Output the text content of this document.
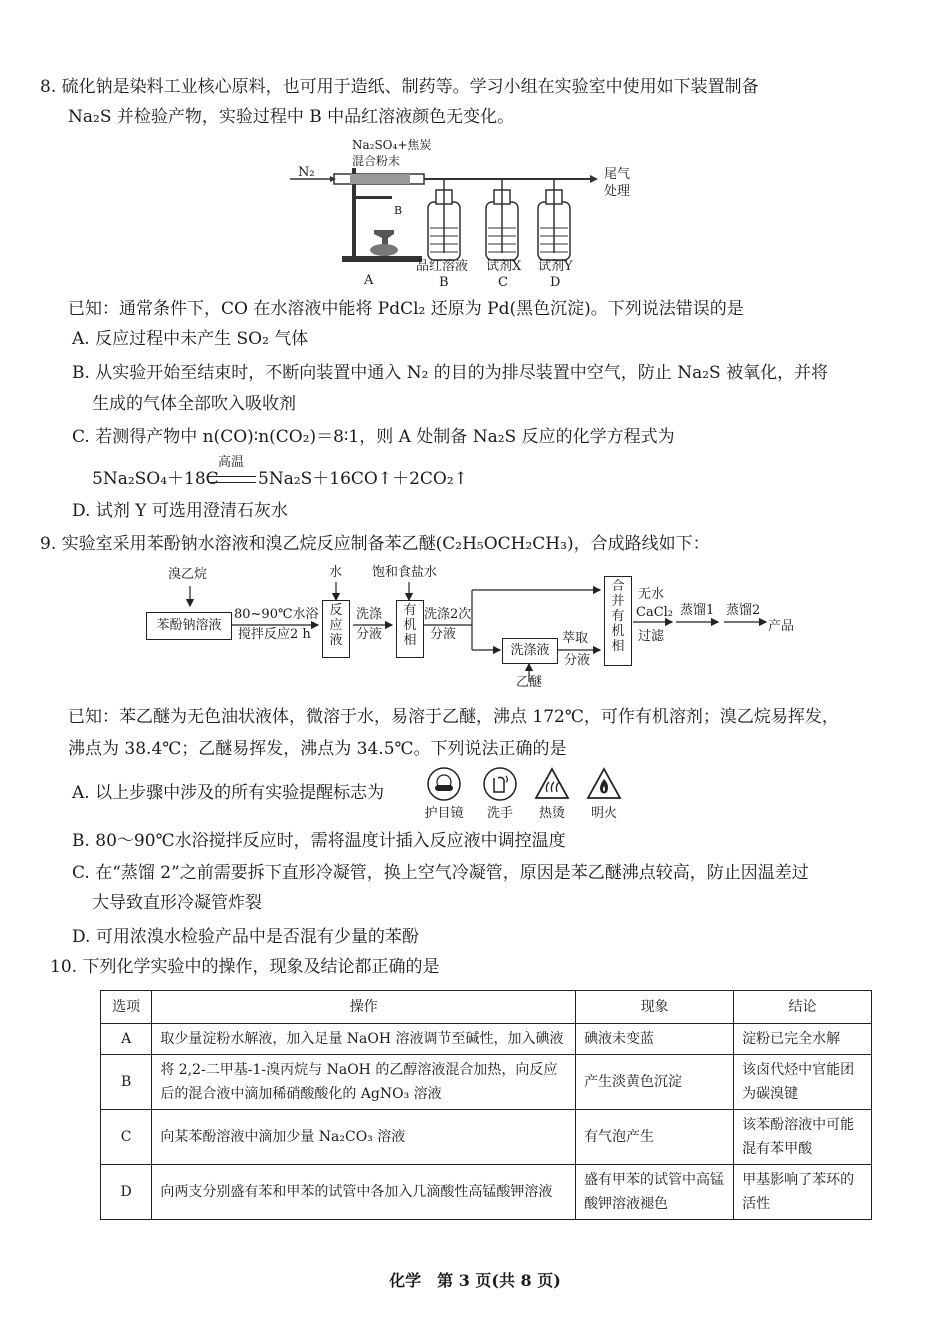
8. 硫化钠是染料工业核心原料，也可用于造纸、制药等。学习小组在实验室中使用如下装置制备
Na₂S 并检验产物，实验过程中 B 中品红溶液颜色无变化。
N₂
Na₂SO₄+焦炭
混合粉末
尾气
处理
B
A
品红溶液
B
试剂X
C
试剂Y
D
已知：通常条件下，CO 在水溶液中能将 PdCl₂ 还原为 Pd(黑色沉淀)。下列说法错误的是
A. 反应过程中未产生 SO₂ 气体
B. 从实验开始至结束时，不断向装置中通入 N₂ 的目的为排尽装置中空气，防止 Na₂S 被氧化，并将
生成的气体全部吹入吸收剂
C. 若测得产物中 n(CO)∶n(CO₂)＝8∶1，则 A 处制备 Na₂S 反应的化学方程式为
5Na₂SO₄＋18C
高温
5Na₂S＋16CO↑＋2CO₂↑
D. 试剂 Y 可选用澄清石灰水
9. 实验室采用苯酚钠水溶液和溴乙烷反应制备苯乙醚(C₂H₅OCH₂CH₃)，合成路线如下：
溴乙烷
苯酚钠溶液
80~90℃水浴
搅拌反应2 h
水
反应液
洗涤
分液
饱和食盐水
有机相
洗涤2次
分液
洗涤液
乙醚
萃取
分液
合并有机相
无水
CaCl₂
过滤
蒸馏1 蒸馏2
产品
已知：苯乙醚为无色油状液体，微溶于水，易溶于乙醚，沸点 172℃，可作有机溶剂；溴乙烷易挥发，
沸点为 38.4℃；乙醚易挥发，沸点为 34.5℃。下列说法正确的是
A. 以上步骤中涉及的所有实验提醒标志为
护目镜	洗手	热烫	明火
B. 80～90℃水浴搅拌反应时，需将温度计插入反应液中调控温度
C. 在“蒸馏 2”之前需要拆下直形冷凝管，换上空气冷凝管，原因是苯乙醚沸点较高，防止因温差过
大导致直形冷凝管炸裂
D. 可用浓溴水检验产品中是否混有少量的苯酚
10. 下列化学实验中的操作，现象及结论都正确的是
选项	操作	现象	结论
A	取少量淀粉水解液，加入足量 NaOH 溶液调节至碱性，加入碘液	碘液未变蓝	淀粉已完全水解
B	将 2,2-二甲基-1-溴丙烷与 NaOH 的乙醇溶液混合加热，向反应后的混合液中滴加稀硝酸酸化的 AgNO₃ 溶液	产生淡黄色沉淀	该卤代烃中官能团为碳溴键
C	向某苯酚溶液中滴加少量 Na₂CO₃ 溶液	有气泡产生	该苯酚溶液中可能混有苯甲酸
D	向两支分别盛有苯和甲苯的试管中各加入几滴酸性高锰酸钾溶液	盛有甲苯的试管中高锰酸钾溶液褪色	甲基影响了苯环的活性
化学　第 3 页(共 8 页)
